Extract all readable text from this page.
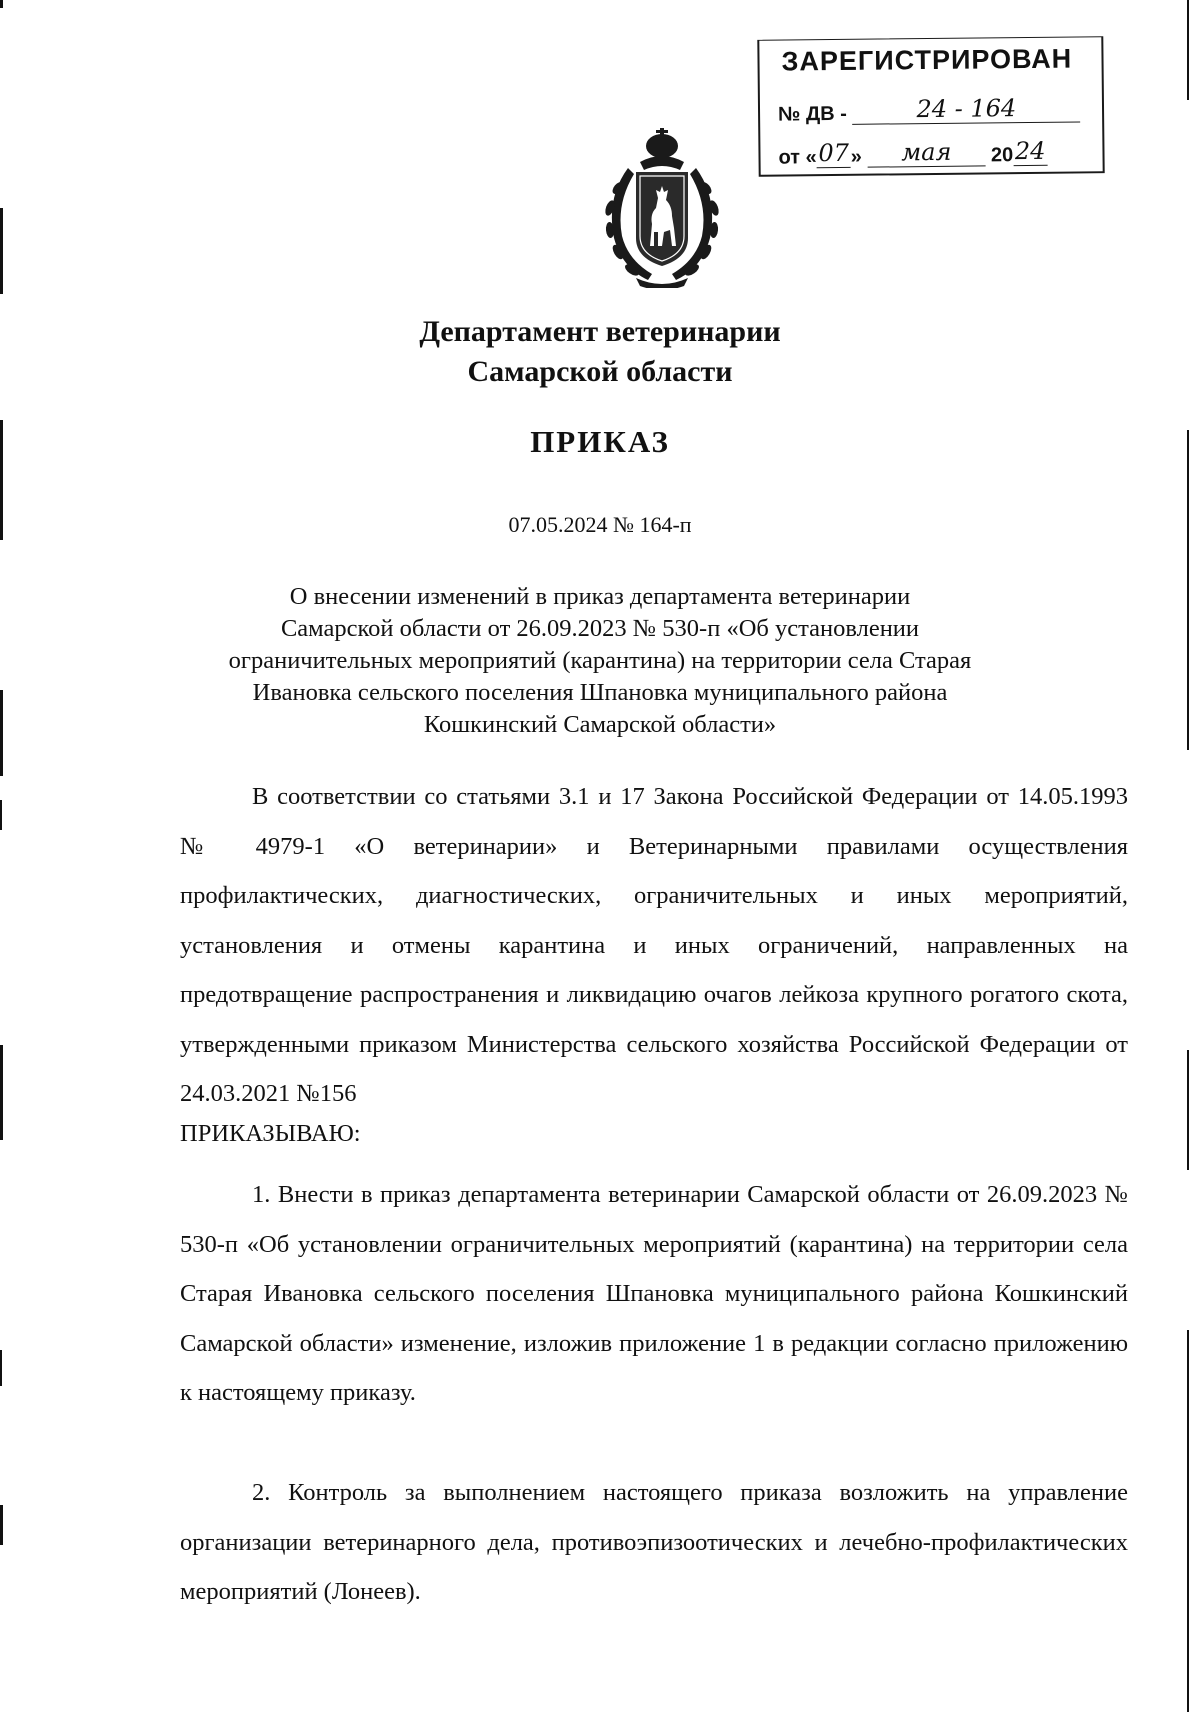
ЗАРЕГИСТРИРОВАН
№ ДВ -	24 - 164
от «07» мая 2024
Департамент ветеринарии
Самарской области
ПРИКАЗ
07.05.2024 № 164-п
О внесении изменений в приказ департамента ветеринарии
Самарской области от 26.09.2023 № 530-п «Об установлении
ограничительных мероприятий (карантина) на территории села Старая
Ивановка сельского поселения Шпановка муниципального района
Кошкинский Самарской области»
В соответствии со статьями 3.1 и 17 Закона Российской Федерации от 14.05.1993 № 4979-1 «О ветеринарии» и Ветеринарными правилами осуществления профилактических, диагностических, ограничительных и иных мероприятий, установления и отмены карантина и иных ограничений, направленных на предотвращение распространения и ликвидацию очагов лейкоза крупного рогатого скота, утвержденными приказом Министерства сельского хозяйства Российской Федерации от 24.03.2021 №156
ПРИКАЗЫВАЮ:
1. Внести в приказ департамента ветеринарии Самарской области от 26.09.2023 № 530-п «Об установлении ограничительных мероприятий (карантина) на территории села Старая Ивановка сельского поселения Шпановка муниципального района Кошкинский Самарской области» изменение, изложив приложение 1 в редакции согласно приложению к настоящему приказу.
2. Контроль за выполнением настоящего приказа возложить на управление организации ветеринарного дела, противоэпизоотических и лечебно-профилактических мероприятий (Лонеев).
